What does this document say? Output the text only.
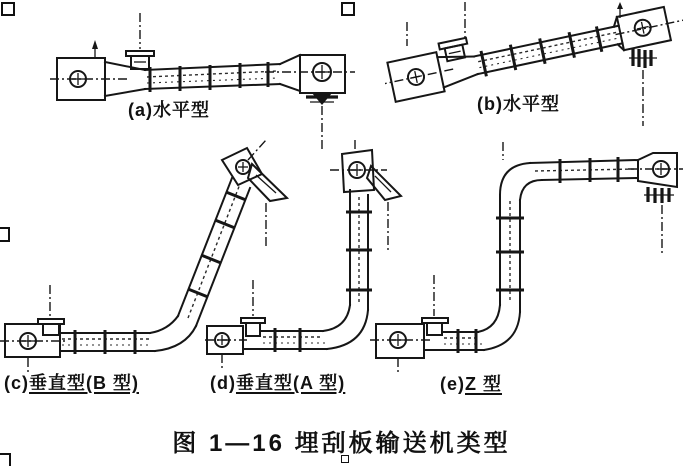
(a)水平型	(b)水平型
(c)垂直型(B 型)	(d)垂直型(A 型)	(e)Z 型
图 1—16 埋刮板输送机类型
